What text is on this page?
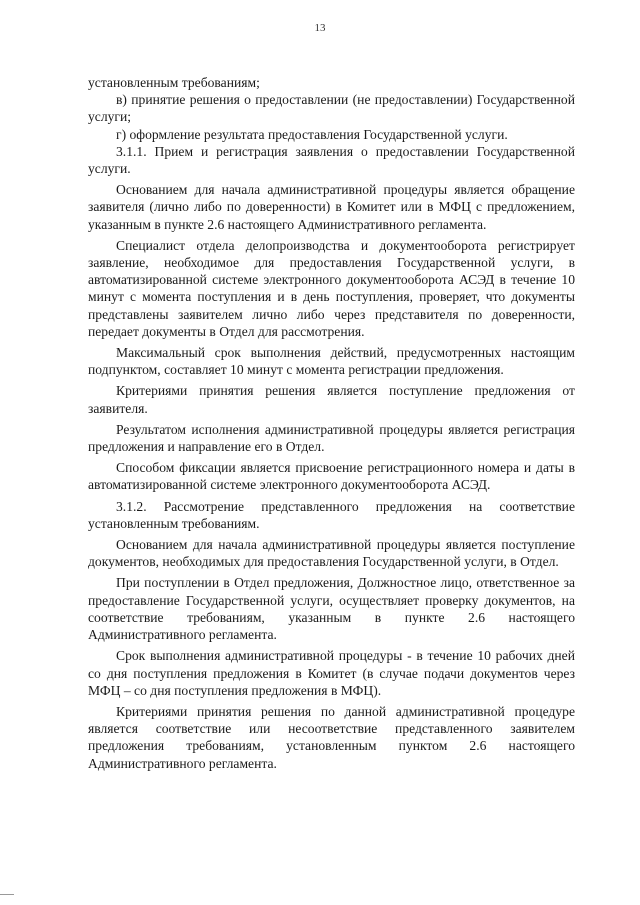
13

установленным требованиям;

в) принятие решения о предоставлении (не предоставлении) Государственной услуги;

г) оформление результата предоставления Государственной услуги.

3.1.1. Прием и регистрация заявления о предоставлении Государственной услуги.

Основанием для начала административной процедуры является обращение заявителя (лично либо по доверенности) в Комитет или в МФЦ с предложением, указанным в пункте 2.6 настоящего Административного регламента.

Специалист отдела делопроизводства и документооборота регистрирует заявление, необходимое для предоставления Государственной услуги, в автоматизированной системе электронного документооборота АСЭД в течение 10 минут с момента поступления и в день поступления, проверяет, что документы представлены заявителем лично либо через представителя по доверенности, передает документы в Отдел для рассмотрения.

Максимальный срок выполнения действий, предусмотренных настоящим подпунктом, составляет 10 минут с момента регистрации предложения.

Критериями принятия решения является поступление предложения от заявителя.

Результатом исполнения административной процедуры является регистрация предложения и направление его в Отдел.

Способом фиксации является присвоение регистрационного номера и даты в автоматизированной системе электронного документооборота АСЭД.

3.1.2. Рассмотрение представленного предложения на соответствие установленным требованиям.

Основанием для начала административной процедуры является поступление документов, необходимых для предоставления Государственной услуги, в Отдел.

При поступлении в Отдел предложения, Должностное лицо, ответственное за предоставление Государственной услуги, осуществляет проверку документов, на соответствие требованиям, указанным в пункте 2.6 настоящего Административного регламента.

Срок выполнения административной процедуры - в течение 10 рабочих дней со дня поступления предложения в Комитет (в случае подачи документов через МФЦ – со дня поступления предложения в МФЦ).

Критериями принятия решения по данной административной процедуре является соответствие или несоответствие представленного заявителем предложения требованиям, установленным пунктом 2.6 настоящего Административного регламента.
